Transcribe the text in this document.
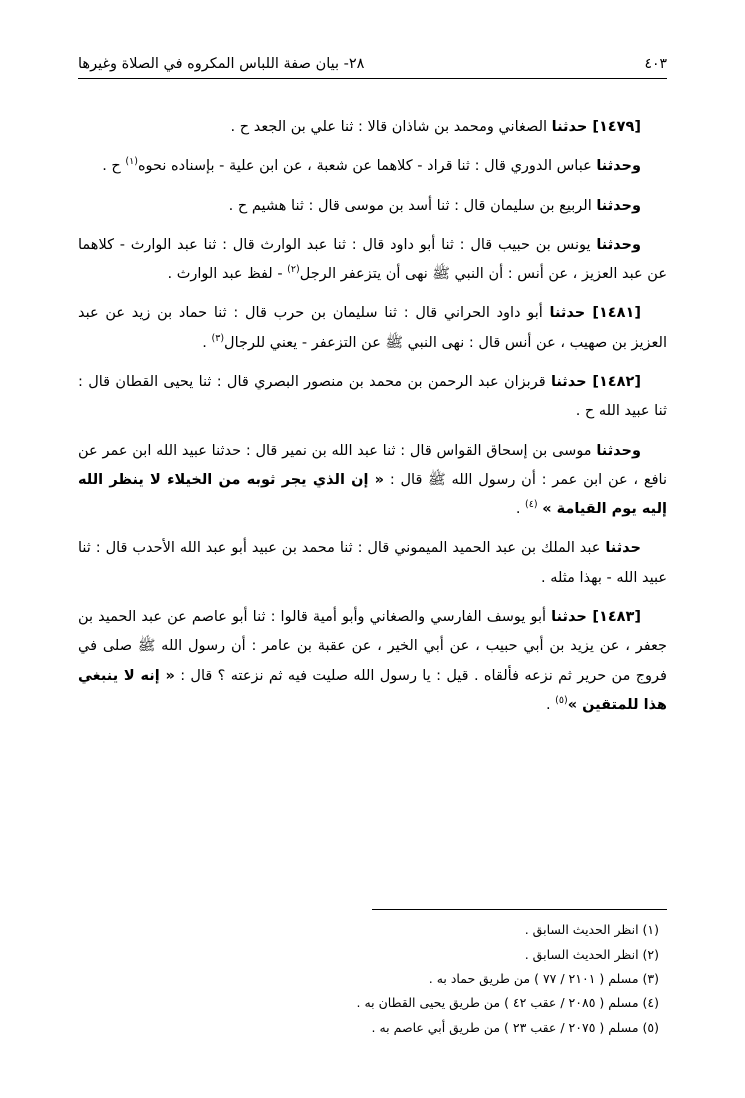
٤٠٣
٢٨- بيان صفة اللباس المكروه في الصلاة وغيرها

[١٤٧٩] حدثنا الصغاني ومحمد بن شاذان قالا : ثنا علي بن الجعد ح .

وحدثنا عباس الدوري قال : ثنا قراد - كلاهما عن شعبة ، عن ابن علية - بإسناده نحوه$^{(١)}$ ح .

وحدثنا الربيع بن سليمان قال : ثنا أسد بن موسى قال : ثنا هشيم ح .

وحدثنا يونس بن حبيب قال : ثنا أبو داود قال : ثنا عبد الوارث قال : ثنا عبد الوارث - كلاهما عن عبد العزيز ، عن أنس : أن النبي ﷺ نهى أن يتزعفر الرجل$^{(٢)}$ - لفظ عبد الوارث .

[١٤٨١] حدثنا أبو داود الحراني قال : ثنا سليمان بن حرب قال : ثنا حماد بن زيد عن عبد العزيز بن صهيب ، عن أنس قال : نهى النبي ﷺ عن التزعفر - يعني للرجال$^{(٣)}$ .

[١٤٨٢] حدثنا قربزان عبد الرحمن بن محمد بن منصور البصري قال : ثنا يحيى القطان قال : ثنا عبيد الله ح .

وحدثنا موسى بن إسحاق القواس قال : ثنا عبد الله بن نمير قال : حدثنا عبيد الله ابن عمر عن نافع ، عن ابن عمر : أن رسول الله ﷺ قال : « إن الذي يجر ثوبه من الخيلاء لا ينظر الله إليه يوم القيامة » $^{(٤)}$ .

حدثنا عبد الملك بن عبد الحميد الميموني قال : ثنا محمد بن عبيد أبو عبد الله الأحدب قال : ثنا عبيد الله - بهذا مثله .

[١٤٨٣] حدثنا أبو يوسف الفارسي والصغاني وأبو أمية قالوا : ثنا أبو عاصم عن عبد الحميد بن جعفر ، عن يزيد بن أبي حبيب ، عن أبي الخير ، عن عقبة بن عامر : أن رسول الله ﷺ صلى في فروج من حرير ثم نزعه فألقاه . قيل : يا رسول الله صليت فيه ثم نزعته ؟ قال : « إنه لا ينبغي هذا للمتقين »$^{(٥)}$ .

(١) انظر الحديث السابق .

(٢) انظر الحديث السابق .

(٣) مسلم ( ٢١٠١ / ٧٧ ) من طريق حماد به .

(٤) مسلم ( ٢٠٨٥ / عقب ٤٢ ) من طريق يحيى القطان به .

(٥) مسلم ( ٢٠٧٥ / عقب ٢٣ ) من طريق أبي عاصم به .
